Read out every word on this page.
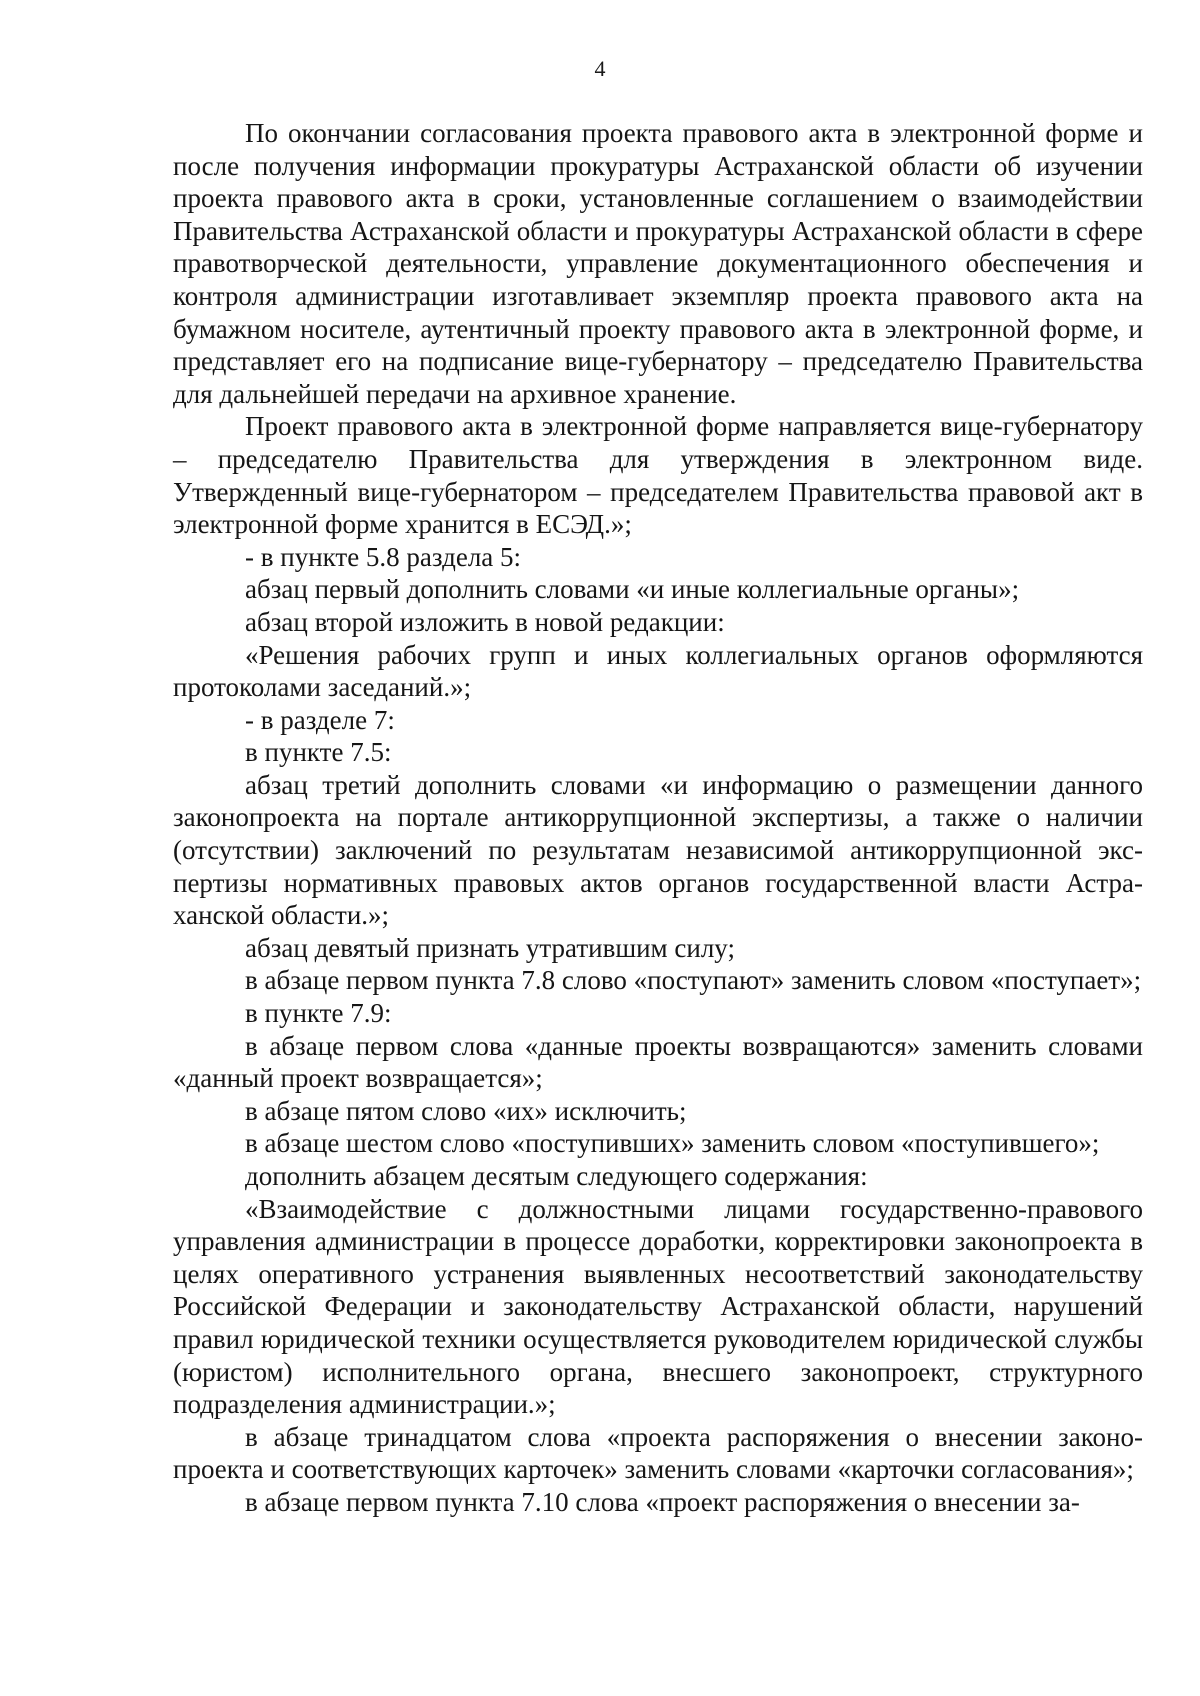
4

По окончании согласования проекта правового акта в электронной форме и после получения информации прокуратуры Астраханской области об изучении проекта правового акта в сроки, установленные соглашением о взаимодействии Правительства Астраханской области и прокуратуры Астраханской области в сфере правотворческой деятельности, управление документационного обеспечения и контроля администрации изготавливает экземпляр проекта правового акта на бумажном носителе, аутентичный проекту правового акта в электронной форме, и представляет его на подписание вице-губернатору – председателю Правительства для дальнейшей передачи на архивное хранение.

Проект правового акта в электронной форме направляется вице-губернатору – председателю Правительства для утверждения в электронном виде. Утвержденный вице-губернатором – председателем Правительства правовой акт в электронной форме хранится в ЕСЭД.»;

- в пункте 5.8 раздела 5:

абзац первый дополнить словами «и иные коллегиальные органы»;

абзац второй изложить в новой редакции:

«Решения рабочих групп и иных коллегиальных органов оформляются протоколами заседаний.»;

- в разделе 7:

в пункте 7.5:

абзац третий дополнить словами «и информацию о размещении данного законопроекта на портале антикоррупционной экспертизы, а также о наличии (отсутствии) заключений по результатам независимой антикоррупционной экспертизы нормативных правовых актов органов государственной власти Астраханской области.»;

абзац девятый признать утратившим силу;

в абзаце первом пункта 7.8 слово «поступают» заменить словом «поступает»;

в пункте 7.9:

в абзаце первом слова «данные проекты возвращаются» заменить словами «данный проект возвращается»;

в абзаце пятом слово «их» исключить;

в абзаце шестом слово «поступивших» заменить словом «поступившего»;

дополнить абзацем десятым следующего содержания:

«Взаимодействие с должностными лицами государственно-правового управления администрации в процессе доработки, корректировки законопроекта в целях оперативного устранения выявленных несоответствий законодательству Российской Федерации и законодательству Астраханской области, нарушений правил юридической техники осуществляется руководителем юридической службы (юристом) исполнительного органа, внесшего законопроект, структурного подразделения администрации.»;

в абзаце тринадцатом слова «проекта распоряжения о внесении законопроекта и соответствующих карточек» заменить словами «карточки согласования»;

в абзаце первом пункта 7.10 слова «проект распоряжения о внесении за-
